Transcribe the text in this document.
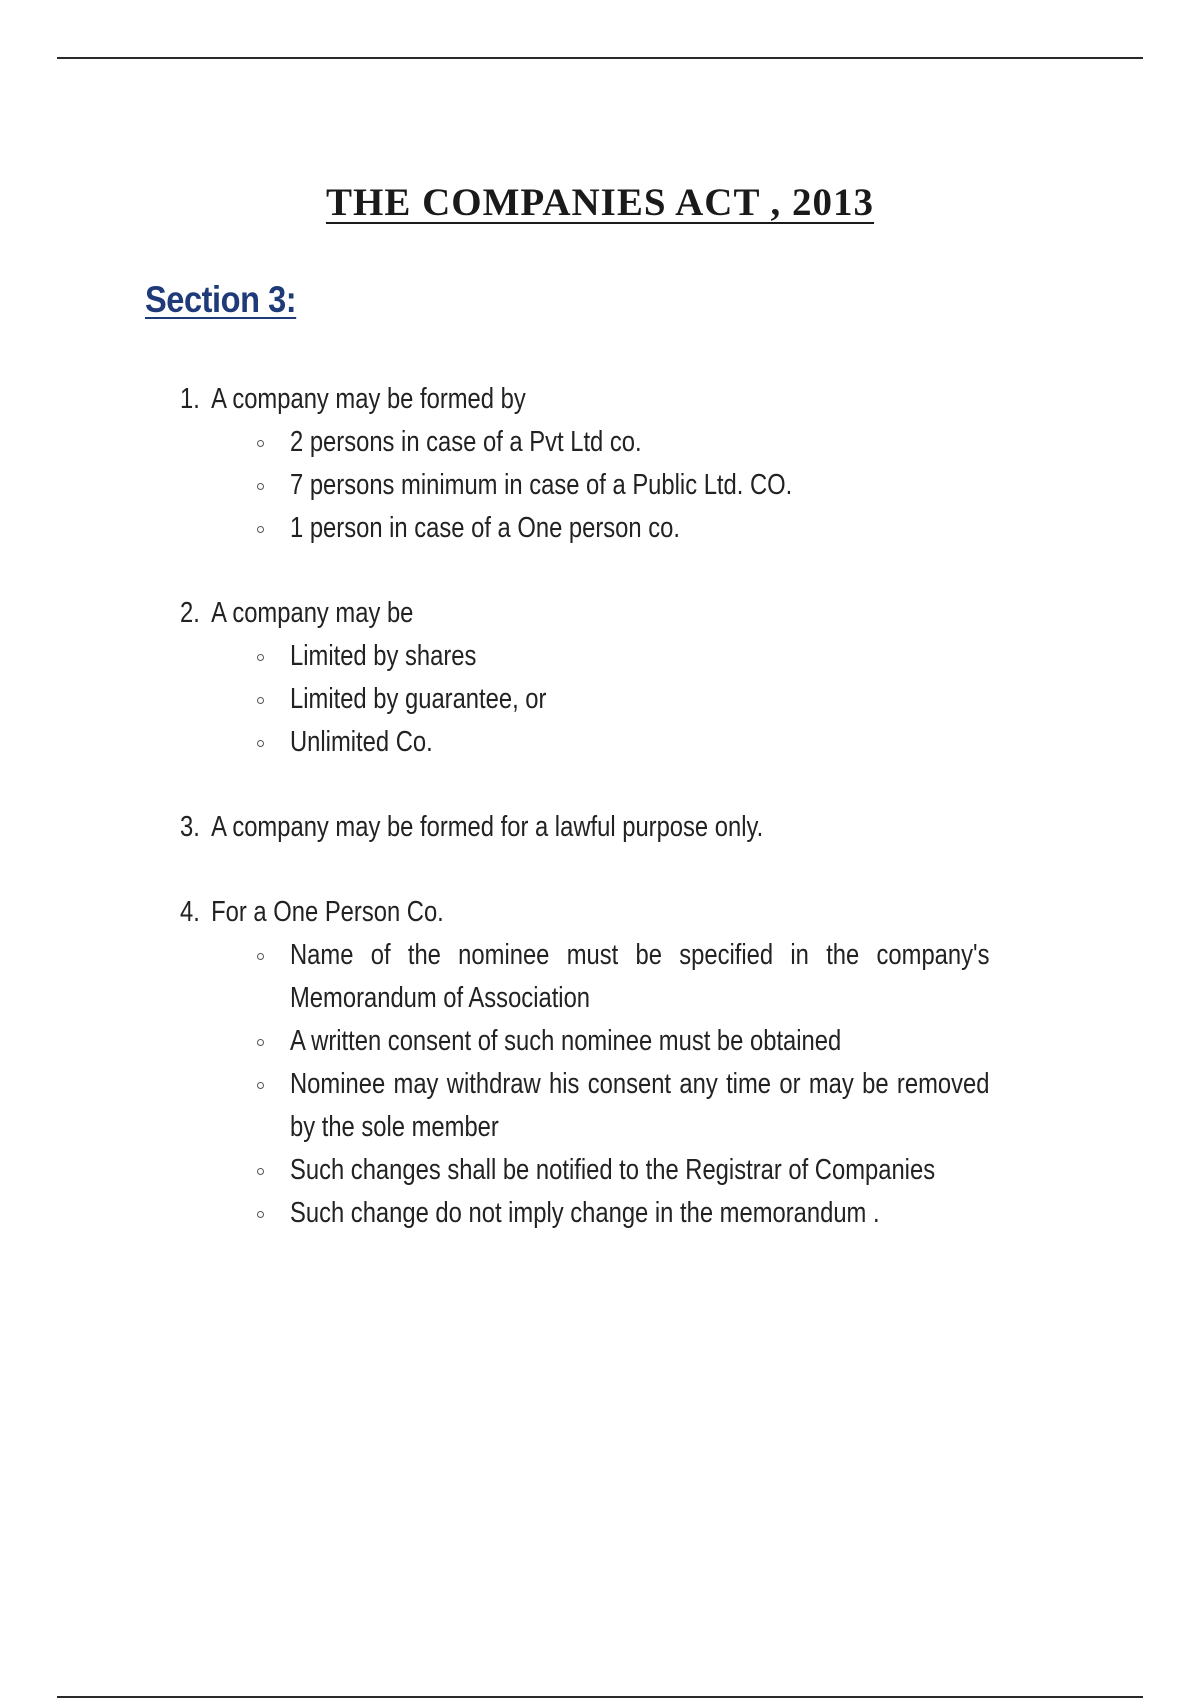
THE COMPANIES ACT , 2013
Section 3:
1. A company may be formed by
2 persons in case of a Pvt Ltd co.
7 persons minimum in case of a Public Ltd. CO.
1 person in case of a One person co.
2. A company may be
Limited by shares
Limited by guarantee, or
Unlimited Co.
3. A company may be formed for a lawful purpose only.
4. For a One Person Co.
Name of the nominee must be specified in the company's Memorandum of Association
A written consent of such nominee must be obtained
Nominee may withdraw his consent any time or may be removed by the sole member
Such changes shall be notified to the Registrar of Companies
Such change do not imply change in the memorandum .
